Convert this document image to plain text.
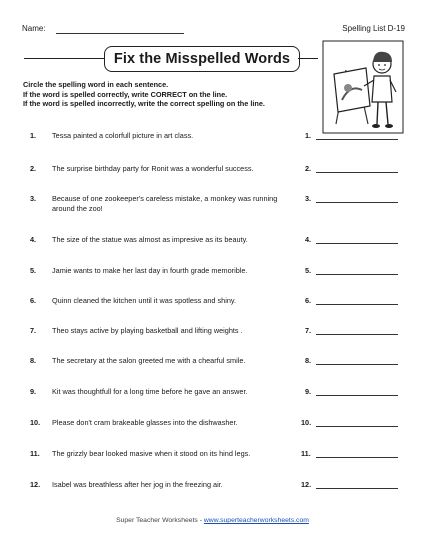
Name:	Spelling List D-19
Fix the Misspelled Words
Circle the spelling word in each sentence.
If the word is spelled correctly, write CORRECT on the line.
If the word is spelled incorrectly, write the correct spelling on the line.
1. Tessa painted a colorfull picture in art class.	1.
2. The surprise birthday party for Ronit was a wonderful success.	2.
3. Because of one zookeeper's careless mistake, a monkey was running around the zoo!
3.
4. The size of the statue was almost as impresive as its beauty.	4.
5. Jamie wants to make her last day in fourth grade memorible.	5.
6. Quinn cleaned the kitchen until it was spotless and shiny.	6.
7. Theo stays active by playing basketball and lifting weights .	7.
8. The secretary at the salon greeted me with a chearful smile.	8.
9. Kit was thoughtfull for a long time before he gave an answer.	9.
10. Please don't cram brakeable glasses into the dishwasher.	10.
11. The grizzly bear looked masive when it stood on its hind legs.	11.
12. Isabel was breathless after her jog in the freezing air.	12.
Super Teacher Worksheets - www.superteacherworksheets.com
